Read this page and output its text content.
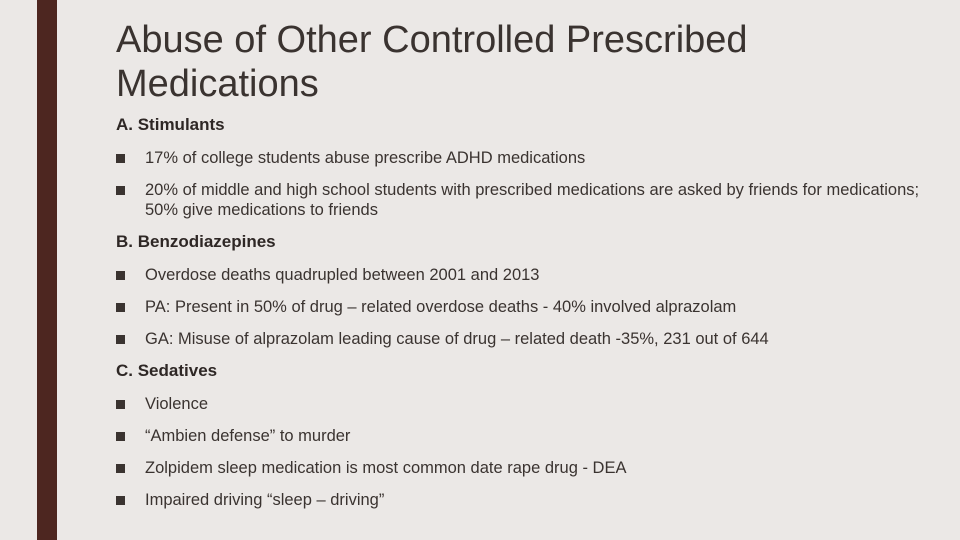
Abuse of Other Controlled Prescribed Medications
A. Stimulants
17% of college students abuse prescribe ADHD medications
20% of middle and high school students with prescribed medications are asked by friends for medications; 50% give medications to friends
B. Benzodiazepines
Overdose deaths quadrupled between 2001 and 2013
PA: Present in 50% of drug – related overdose deaths - 40% involved alprazolam
GA: Misuse of alprazolam leading cause of drug – related death -35%, 231 out of 644
C. Sedatives
Violence
“Ambien defense” to murder
Zolpidem sleep medication is most common date rape drug - DEA
Impaired driving “sleep – driving”
